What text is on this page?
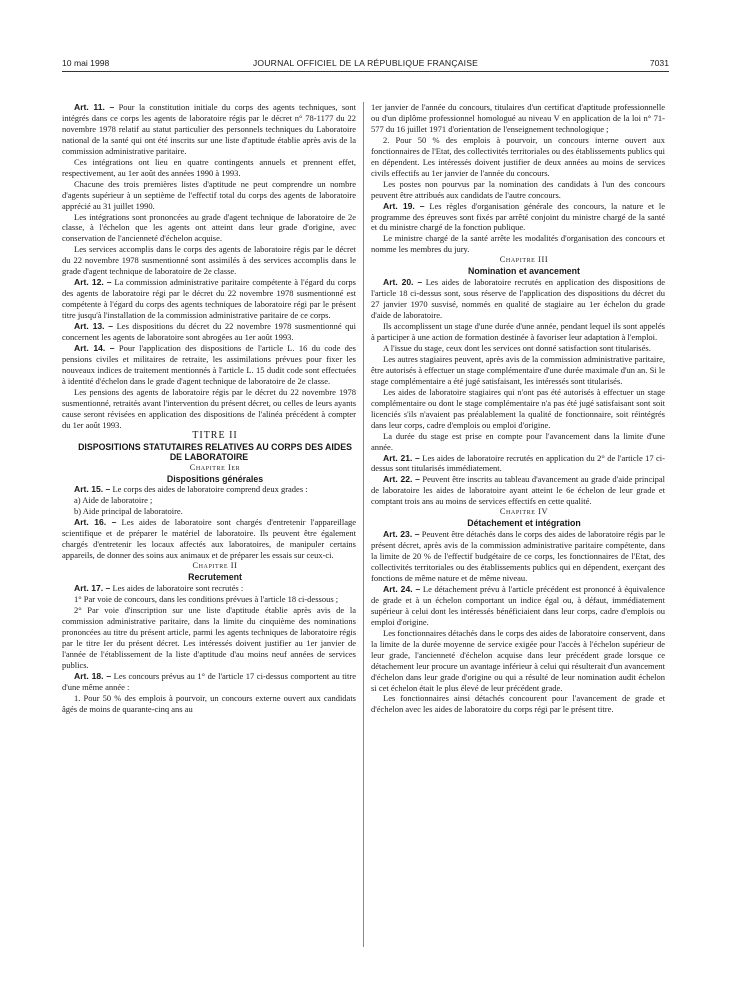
10 mai 1998	JOURNAL OFFICIEL DE LA RÉPUBLIQUE FRANÇAISE	7031

Art. 11. – Pour la constitution initiale du corps des agents techniques, sont intégrés dans ce corps les agents de laboratoire régis par le décret n° 78-1177 du 22 novembre 1978 relatif au statut particulier des personnels techniques du Laboratoire national de la santé qui ont été inscrits sur une liste d'aptitude établie après avis de la commission administrative paritaire.

Ces intégrations ont lieu en quatre contingents annuels et prennent effet, respectivement, au 1er août des années 1990 à 1993.

Chacune des trois premières listes d'aptitude ne peut comprendre un nombre d'agents supérieur à un septième de l'effectif total du corps des agents de laboratoire apprécié au 31 juillet 1990.

Les intégrations sont prononcées au grade d'agent technique de laboratoire de 2e classe, à l'échelon que les agents ont atteint dans leur grade d'origine, avec conservation de l'ancienneté d'échelon acquise.

Les services accomplis dans le corps des agents de laboratoire régis par le décret du 22 novembre 1978 susmentionné sont assimilés à des services accomplis dans le grade d'agent technique de laboratoire de 2e classe.

Art. 12. – La commission administrative paritaire compétente à l'égard du corps des agents de laboratoire régi par le décret du 22 novembre 1978 susmentionné est compétente à l'égard du corps des agents techniques de laboratoire régi par le présent titre jusqu'à l'installation de la commission administrative paritaire de ce corps.

Art. 13. – Les dispositions du décret du 22 novembre 1978 susmentionné qui concernent les agents de laboratoire sont abrogées au 1er août 1993.

Art. 14. – Pour l'application des dispositions de l'article L. 16 du code des pensions civiles et militaires de retraite, les assimilations prévues pour fixer les nouveaux indices de traitement mentionnés à l'article L. 15 dudit code sont effectuées à identité d'échelon dans le grade d'agent technique de laboratoire de 2e classe.

Les pensions des agents de laboratoire régis par le décret du 22 novembre 1978 susmentionné, retraités avant l'intervention du présent décret, ou celles de leurs ayants cause seront révisées en application des dispositions de l'alinéa précédent à compter du 1er août 1993.

TITRE II

DISPOSITIONS STATUTAIRES RELATIVES AU CORPS DES AIDES DE LABORATOIRE

Chapitre Ier

Dispositions générales

Art. 15. – Le corps des aides de laboratoire comprend deux grades :

a) Aide de laboratoire ;

b) Aide principal de laboratoire.

Art. 16. – Les aides de laboratoire sont chargés d'entretenir l'appareillage scientifique et de préparer le matériel de laboratoire. Ils peuvent être également chargés d'entretenir les locaux affectés aux laboratoires, de manipuler certains appareils, de donner des soins aux animaux et de préparer les essais sur ceux-ci.

Chapitre II

Recrutement

Art. 17. – Les aides de laboratoire sont recrutés :

1° Par voie de concours, dans les conditions prévues à l'article 18 ci-dessous ;

2° Par voie d'inscription sur une liste d'aptitude établie après avis de la commission administrative paritaire, dans la limite du cinquième des nominations prononcées au titre du présent article, parmi les agents techniques de laboratoire régis par le titre Ier du présent décret. Les intéressés doivent justifier au 1er janvier de l'année de l'établissement de la liste d'aptitude d'au moins neuf années de services publics.

Art. 18. – Les concours prévus au 1° de l'article 17 ci-dessus comportent au titre d'une même année :

1. Pour 50 % des emplois à pourvoir, un concours externe ouvert aux candidats âgés de moins de quarante-cinq ans au

1er janvier de l'année du concours, titulaires d'un certificat d'aptitude professionnelle ou d'un diplôme professionnel homologué au niveau V en application de la loi n° 71-577 du 16 juillet 1971 d'orientation de l'enseignement technologique ;

2. Pour 50 % des emplois à pourvoir, un concours interne ouvert aux fonctionnaires de l'Etat, des collectivités territoriales ou des établissements publics qui en dépendent. Les intéressés doivent justifier de deux années au moins de services civils effectifs au 1er janvier de l'année du concours.

Les postes non pourvus par la nomination des candidats à l'un des concours peuvent être attribués aux candidats de l'autre concours.

Art. 19. – Les règles d'organisation générale des concours, la nature et le programme des épreuves sont fixés par arrêté conjoint du ministre chargé de la santé et du ministre chargé de la fonction publique.

Le ministre chargé de la santé arrête les modalités d'organisation des concours et nomme les membres du jury.

Chapitre III

Nomination et avancement

Art. 20. – Les aides de laboratoire recrutés en application des dispositions de l'article 18 ci-dessus sont, sous réserve de l'application des dispositions du décret du 27 janvier 1970 susvisé, nommés en qualité de stagiaire au 1er échelon du grade d'aide de laboratoire.

Ils accomplissent un stage d'une durée d'une année, pendant lequel ils sont appelés à participer à une action de formation destinée à favoriser leur adaptation à l'emploi.

A l'issue du stage, ceux dont les services ont donné satisfaction sont titularisés.

Les autres stagiaires peuvent, après avis de la commission administrative paritaire, être autorisés à effectuer un stage complémentaire d'une durée maximale d'un an. Si le stage complémentaire a été jugé satisfaisant, les intéressés sont titularisés.

Les aides de laboratoire stagiaires qui n'ont pas été autorisés à effectuer un stage complémentaire ou dont le stage complémentaire n'a pas été jugé satisfaisant sont soit licenciés s'ils n'avaient pas préalablement la qualité de fonctionnaire, soit réintégrés dans leur corps, cadre d'emplois ou emploi d'origine.

La durée du stage est prise en compte pour l'avancement dans la limite d'une année.

Art. 21. – Les aides de laboratoire recrutés en application du 2° de l'article 17 ci-dessus sont titularisés immédiatement.

Art. 22. – Peuvent être inscrits au tableau d'avancement au grade d'aide principal de laboratoire les aides de laboratoire ayant atteint le 6e échelon de leur grade et comptant trois ans au moins de services effectifs en cette qualité.

Chapitre IV

Détachement et intégration

Art. 23. – Peuvent être détachés dans le corps des aides de laboratoire régis par le présent décret, après avis de la commission administrative paritaire compétente, dans la limite de 20 % de l'effectif budgétaire de ce corps, les fonctionnaires de l'Etat, des collectivités territoriales ou des établissements publics qui en dépendent, exerçant des fonctions de même nature et de même niveau.

Art. 24. – Le détachement prévu à l'article précédent est prononcé à équivalence de grade et à un échelon comportant un indice égal ou, à défaut, immédiatement supérieur à celui dont les intéressés bénéficiaient dans leur corps, cadre d'emplois ou emploi d'origine.

Les fonctionnaires détachés dans le corps des aides de laboratoire conservent, dans la limite de la durée moyenne de service exigée pour l'accès à l'échelon supérieur de leur grade, l'ancienneté d'échelon acquise dans leur précédent grade lorsque ce détachement leur procure un avantage inférieur à celui qui résulterait d'un avancement d'échelon dans leur grade d'origine ou qui a résulté de leur nomination audit échelon si cet échelon était le plus élevé de leur précédent grade.

Les fonctionnaires ainsi détachés concourent pour l'avancement de grade et d'échelon avec les aides de laboratoire du corps régi par le présent titre.
